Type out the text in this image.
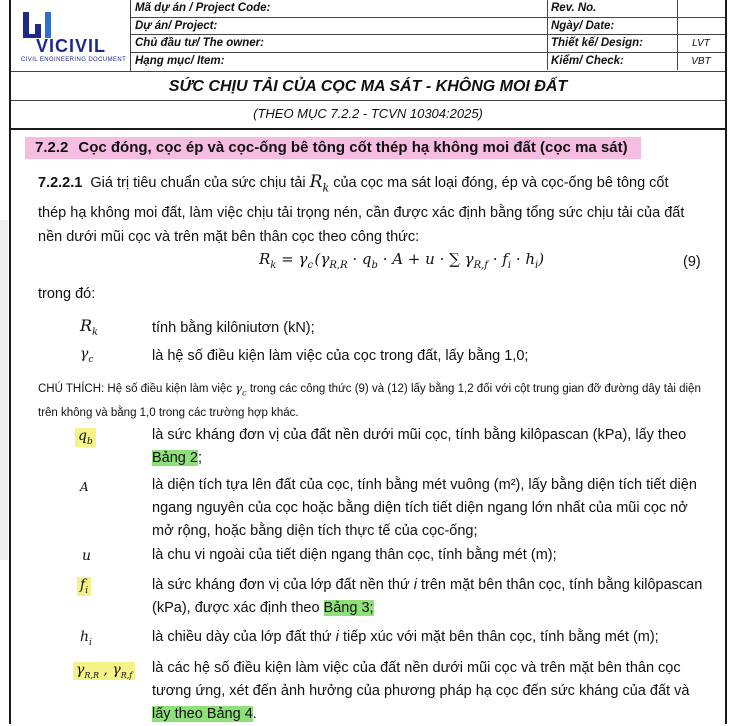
VICIVIL
CIVIL ENGINEERING DOCUMENT
Mã dự án / Project Code:	Rev. No.
Dự án/ Project:	Ngày/ Date:
Chủ đầu tư/ The owner:	Thiết kế/ Design:	LVT
Hạng mục/ Item:	Kiểm/ Check:	VBT
SỨC CHỊU TẢI CỦA CỌC MA SÁT - KHÔNG MOI ĐẤT
(THEO MỤC 7.2.2 - TCVN 10304:2025)
7.2.2 Cọc đóng, cọc ép và cọc-ống bê tông cốt thép hạ không moi đất (cọc ma sát)
7.2.2.1 Giá trị tiêu chuẩn của sức chịu tải $R_k$ của cọc ma sát loại đóng, ép và cọc-ống bê tông cốt thép hạ không moi đất, làm việc chịu tải trọng nén, cần được xác định bằng tổng sức chịu tải của đất nền dưới mũi cọc và trên mặt bên thân cọc theo công thức:
$R_k = \gamma_c$ ($\gamma_{R,R} \cdot q_b \cdot A + u$ · ∑ $\gamma_{R,f} \cdot f_i \cdot h_i$)	(9)
trong đó:
$R_k$	tính bằng kilôniutơn (kN);
$\gamma_c$	là hệ số điều kiện làm việc của cọc trong đất, lấy bằng 1,0;
CHÚ THÍCH: Hệ số điều kiện làm việc $\gamma_c$ trong các công thức (9) và (12) lấy bằng 1,2 đối với cột trung gian đỡ đường dây tải diện trên không và bằng 1,0 trong các trường hợp khác.
$q_b$	là sức kháng đơn vị của đất nền dưới mũi cọc, tính bằng kilôpascan (kPa), lấy theo Bảng 2;
A	là diện tích tựa lên đất của cọc, tính bằng mét vuông (m²), lấy bằng diện tích tiết diện ngang nguyên của cọc hoặc bằng diện tích tiết diện ngang lớn nhất của mũi cọc nở mở rộng, hoặc bằng diện tích thực tế của cọc-ống;
u	là chu vi ngoài của tiết diện ngang thân cọc, tính bằng mét (m);
$f_i$	là sức kháng đơn vị của lớp đất nền thứ i trên mặt bên thân cọc, tính bằng kilôpascan (kPa), được xác định theo Bảng 3;
$h_i$	là chiều dày của lớp đất thứ i tiếp xúc với mặt bên thân cọc, tính bằng mét (m);
$\gamma_{R,R}$ , $\gamma_{R,f}$ là các hệ số điều kiện làm việc của đất nền dưới mũi cọc và trên mặt bên thân cọc tương ứng, xét đến ảnh hưởng của phương pháp hạ cọc đến sức kháng của đất và lấy theo Bảng 4.
